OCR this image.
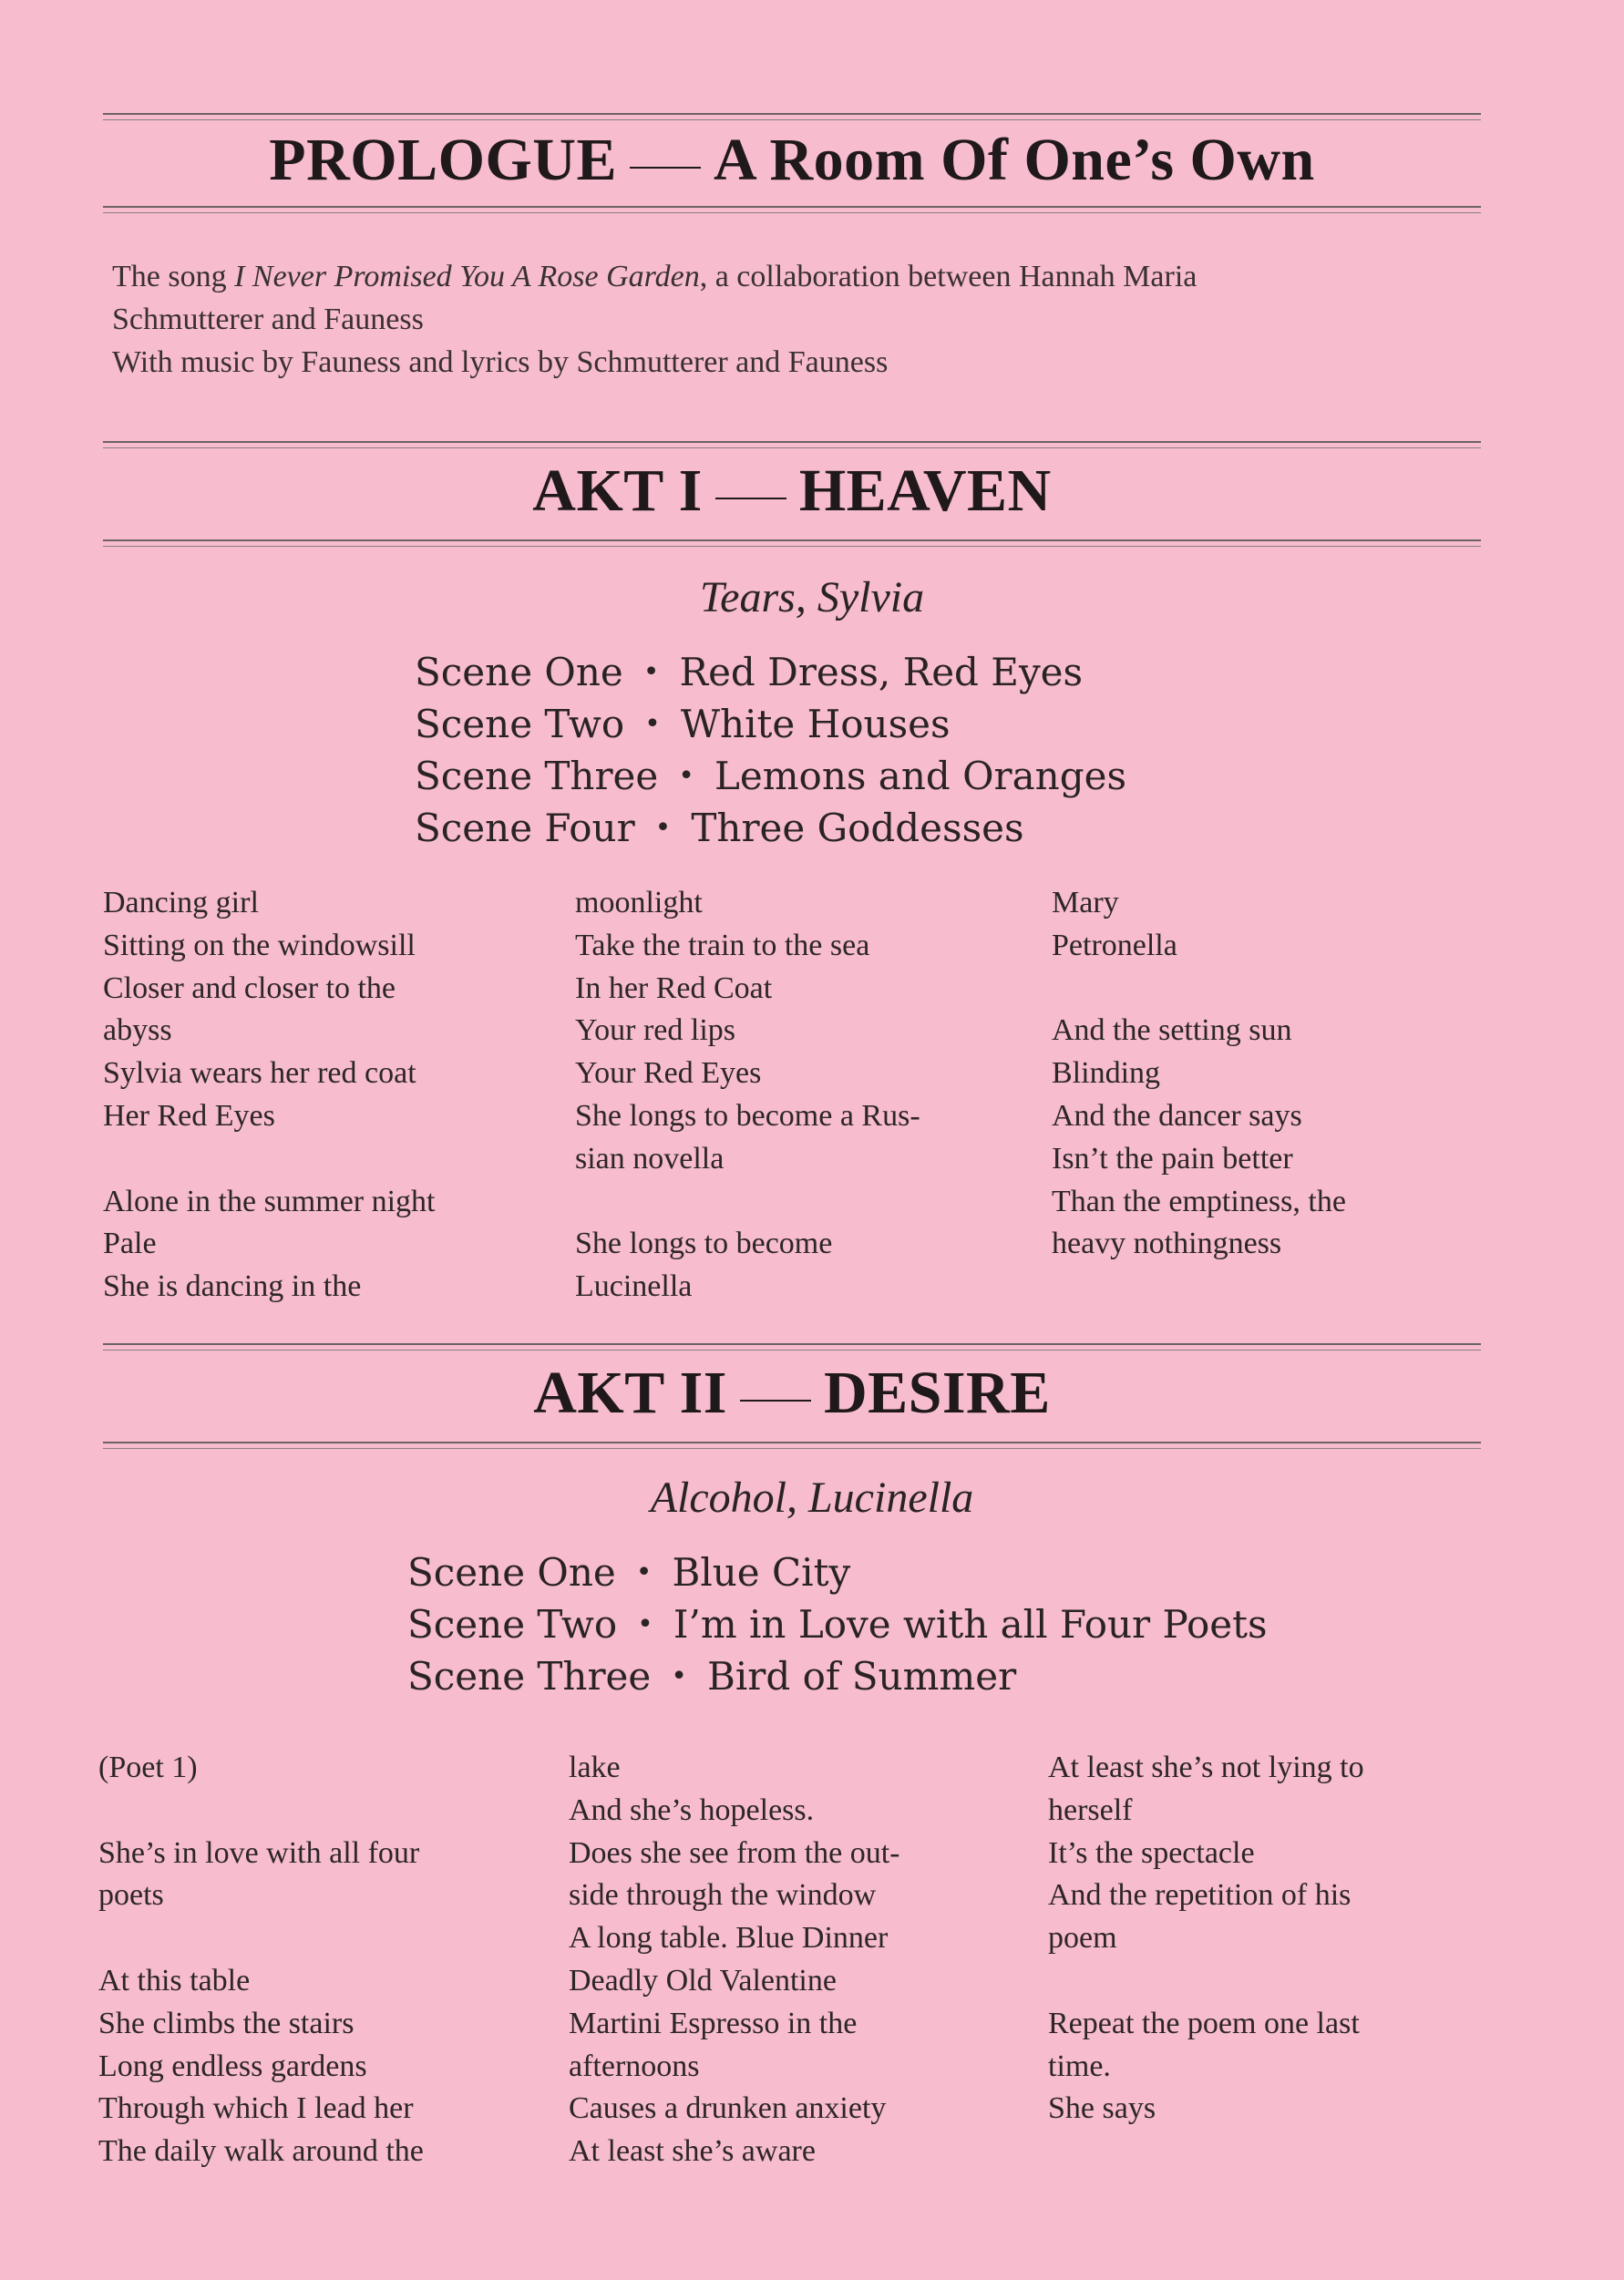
PROLOGUE A Room Of One’s Own

The song I Never Promised You A Rose Garden, a collaboration between Hannah Maria

Schmutterer and Fauness

With music by Fauness and lyrics by Schmutterer and Fauness

AKT I HEAVEN
Tears, Sylvia
Scene One • Red Dress, Red Eyes
Scene Two • White Houses
Scene Three • Lemons and Oranges
Scene Four • Three Goddesses
Dancing girl
Sitting on the windowsill
Closer and closer to the
abyss
Sylvia wears her red coat
Her Red Eyes
Alone in the summer night
Pale
She is dancing in the
moonlight
Take the train to the sea
In her Red Coat
Your red lips
Your Red Eyes
She longs to become a Rus-
sian novella
She longs to become
Lucinella
Mary
Petronella
And the setting sun
Blinding
And the dancer says
Isn’t the pain better
Than the emptiness, the
heavy nothingness
AKT II DESIRE
Alcohol, Lucinella
Scene One • Blue City
Scene Two • I’m in Love with all Four Poets
Scene Three • Bird of Summer
(Poet 1)
She’s in love with all four
poets
At this table
She climbs the stairs
Long endless gardens
Through which I lead her
The daily walk around the
lake
And she’s hopeless.
Does she see from the out-
side through the window
A long table. Blue Dinner
Deadly Old Valentine
Martini Espresso in the
afternoons
Causes a drunken anxiety
At least she’s aware
At least she’s not lying to
herself
It’s the spectacle
And the repetition of his
poem
Repeat the poem one last
time.
She says
